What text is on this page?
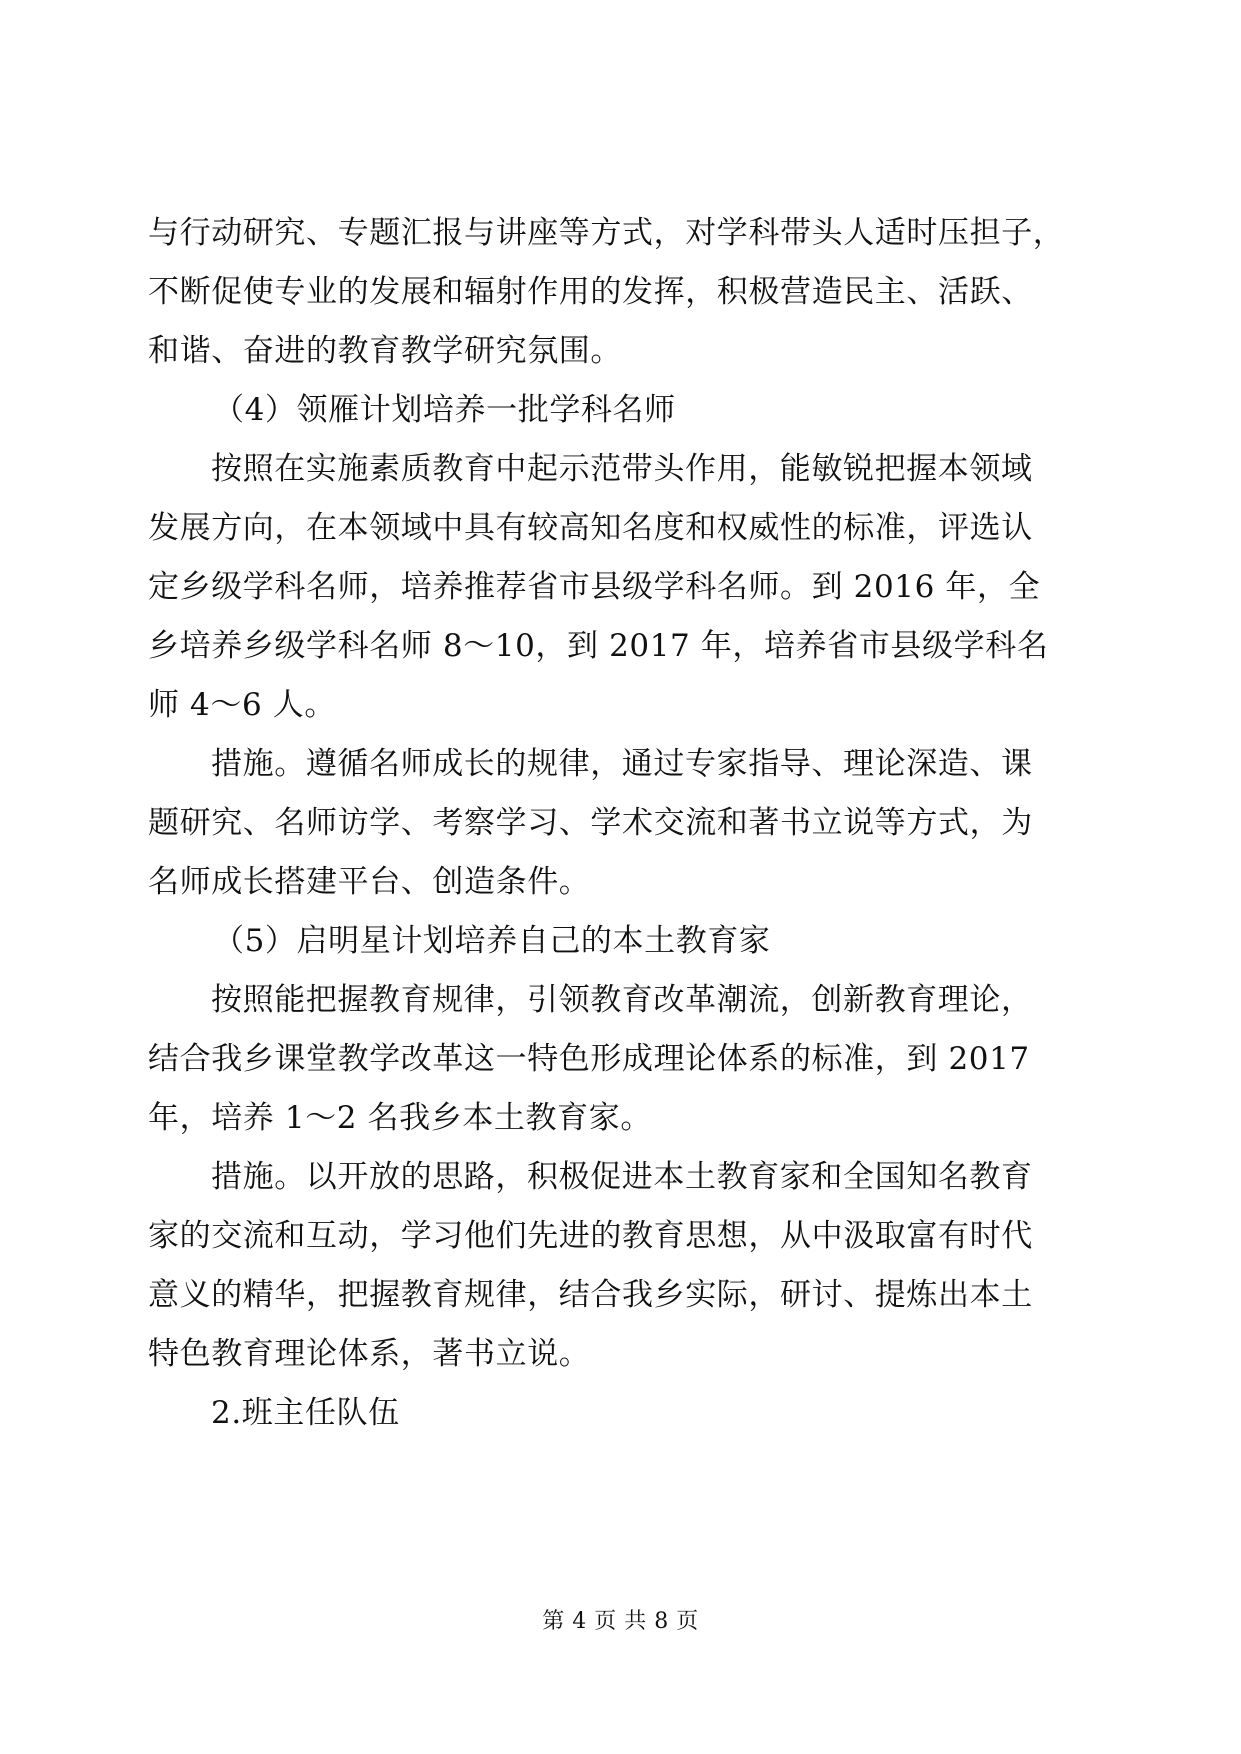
与行动研究、专题汇报与讲座等方式，对学科带头人适时压担子，
不断促使专业的发展和辐射作用的发挥，积极营造民主、活跃、
和谐、奋进的教育教学研究氛围。
（4）领雁计划培养一批学科名师
按照在实施素质教育中起示范带头作用，能敏锐把握本领域
发展方向，在本领域中具有较高知名度和权威性的标准，评选认
定乡级学科名师，培养推荐省市县级学科名师。到 2016 年，全
乡培养乡级学科名师 8～10，到 2017 年，培养省市县级学科名
师 4～6 人。
措施。遵循名师成长的规律，通过专家指导、理论深造、课
题研究、名师访学、考察学习、学术交流和著书立说等方式，为
名师成长搭建平台、创造条件。
（5）启明星计划培养自己的本土教育家
按照能把握教育规律，引领教育改革潮流，创新教育理论，
结合我乡课堂教学改革这一特色形成理论体系的标准，到 2017
年，培养 1～2 名我乡本土教育家。
措施。以开放的思路，积极促进本土教育家和全国知名教育
家的交流和互动，学习他们先进的教育思想，从中汲取富有时代
意义的精华，把握教育规律，结合我乡实际，研讨、提炼出本土
特色教育理论体系，著书立说。
2.班主任队伍
第 4 页 共 8 页
